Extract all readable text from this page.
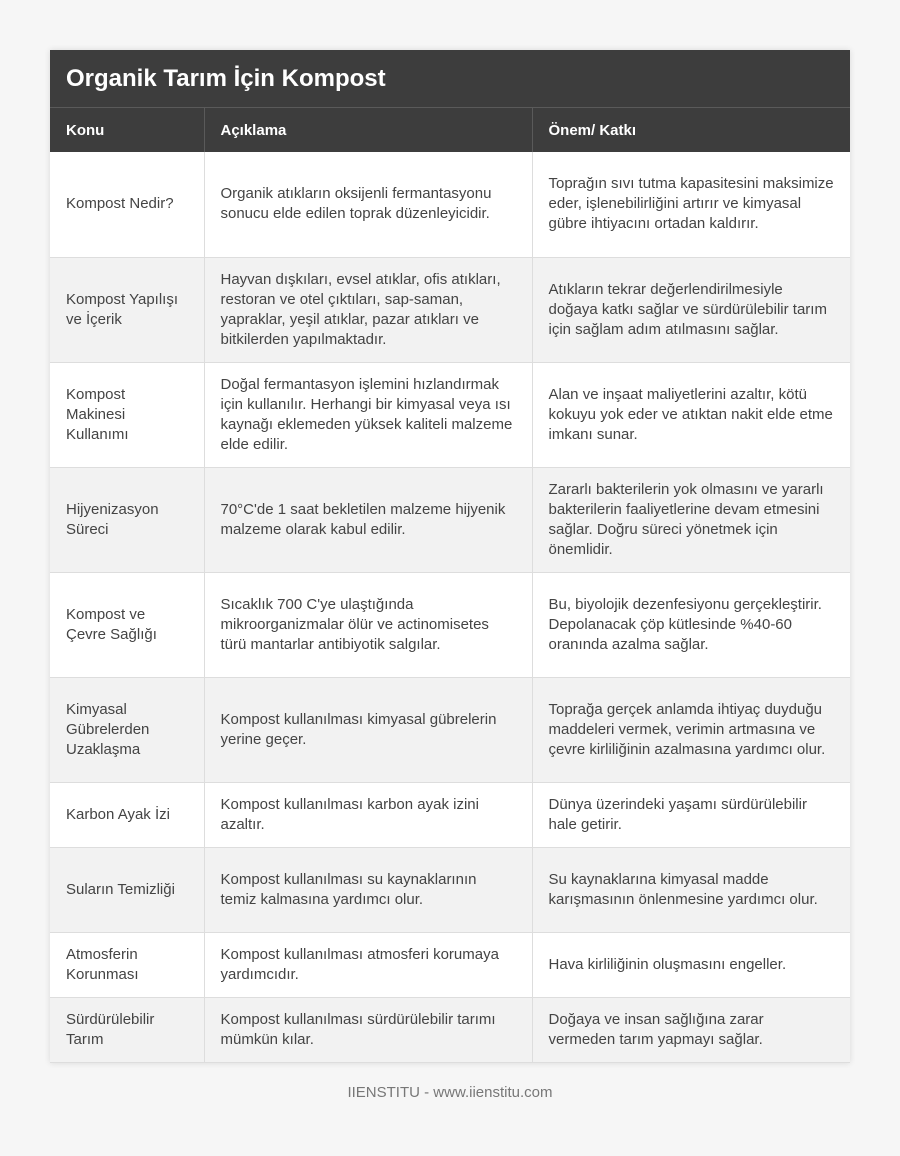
Organik Tarım İçin Kompost
Konu	Açıklama	Önem/ Katkı
Kompost Nedir?	Organik atıkların oksijenli fermantasyonu sonucu elde edilen toprak düzenleyicidir.	Toprağın sıvı tutma kapasitesini maksimize eder, işlenebilirliğini artırır ve kimyasal gübre ihtiyacını ortadan kaldırır.
Kompost Yapılışı ve İçerik	Hayvan dışkıları, evsel atıklar, ofis atıkları, restoran ve otel çıktıları, sap-saman, yapraklar, yeşil atıklar, pazar atıkları ve bitkilerden yapılmaktadır.	Atıkların tekrar değerlendirilmesiyle doğaya katkı sağlar ve sürdürülebilir tarım için sağlam adım atılmasını sağlar.
Kompost Makinesi Kullanımı	Doğal fermantasyon işlemini hızlandırmak için kullanılır. Herhangi bir kimyasal veya ısı kaynağı eklemeden yüksek kaliteli malzeme elde edilir.	Alan ve inşaat maliyetlerini azaltır, kötü kokuyu yok eder ve atıktan nakit elde etme imkanı sunar.
Hijyenizasyon Süreci	70°C'de 1 saat bekletilen malzeme hijyenik malzeme olarak kabul edilir.	Zararlı bakterilerin yok olmasını ve yararlı bakterilerin faaliyetlerine devam etmesini sağlar. Doğru süreci yönetmek için önemlidir.
Kompost ve Çevre Sağlığı	Sıcaklık 700 C'ye ulaştığında mikroorganizmalar ölür ve actinomisetes türü mantarlar antibiyotik salgılar.	Bu, biyolojik dezenfesiyonu gerçekleştirir. Depolanacak çöp kütlesinde %40-60 oranında azalma sağlar.
Kimyasal Gübrelerden Uzaklaşma	Kompost kullanılması kimyasal gübrelerin yerine geçer.	Toprağa gerçek anlamda ihtiyaç duyduğu maddeleri vermek, verimin artmasına ve çevre kirliliğinin azalmasına yardımcı olur.
Karbon Ayak İzi	Kompost kullanılması karbon ayak izini azaltır.	Dünya üzerindeki yaşamı sürdürülebilir hale getirir.
Suların Temizliği	Kompost kullanılması su kaynaklarının temiz kalmasına yardımcı olur.	Su kaynaklarına kimyasal madde karışmasının önlenmesine yardımcı olur.
Atmosferin Korunması	Kompost kullanılması atmosferi korumaya yardımcıdır.	Hava kirliliğinin oluşmasını engeller.
Sürdürülebilir Tarım	Kompost kullanılması sürdürülebilir tarımı mümkün kılar.	Doğaya ve insan sağlığına zarar vermeden tarım yapmayı sağlar.
IIENSTITU - www.iienstitu.com
